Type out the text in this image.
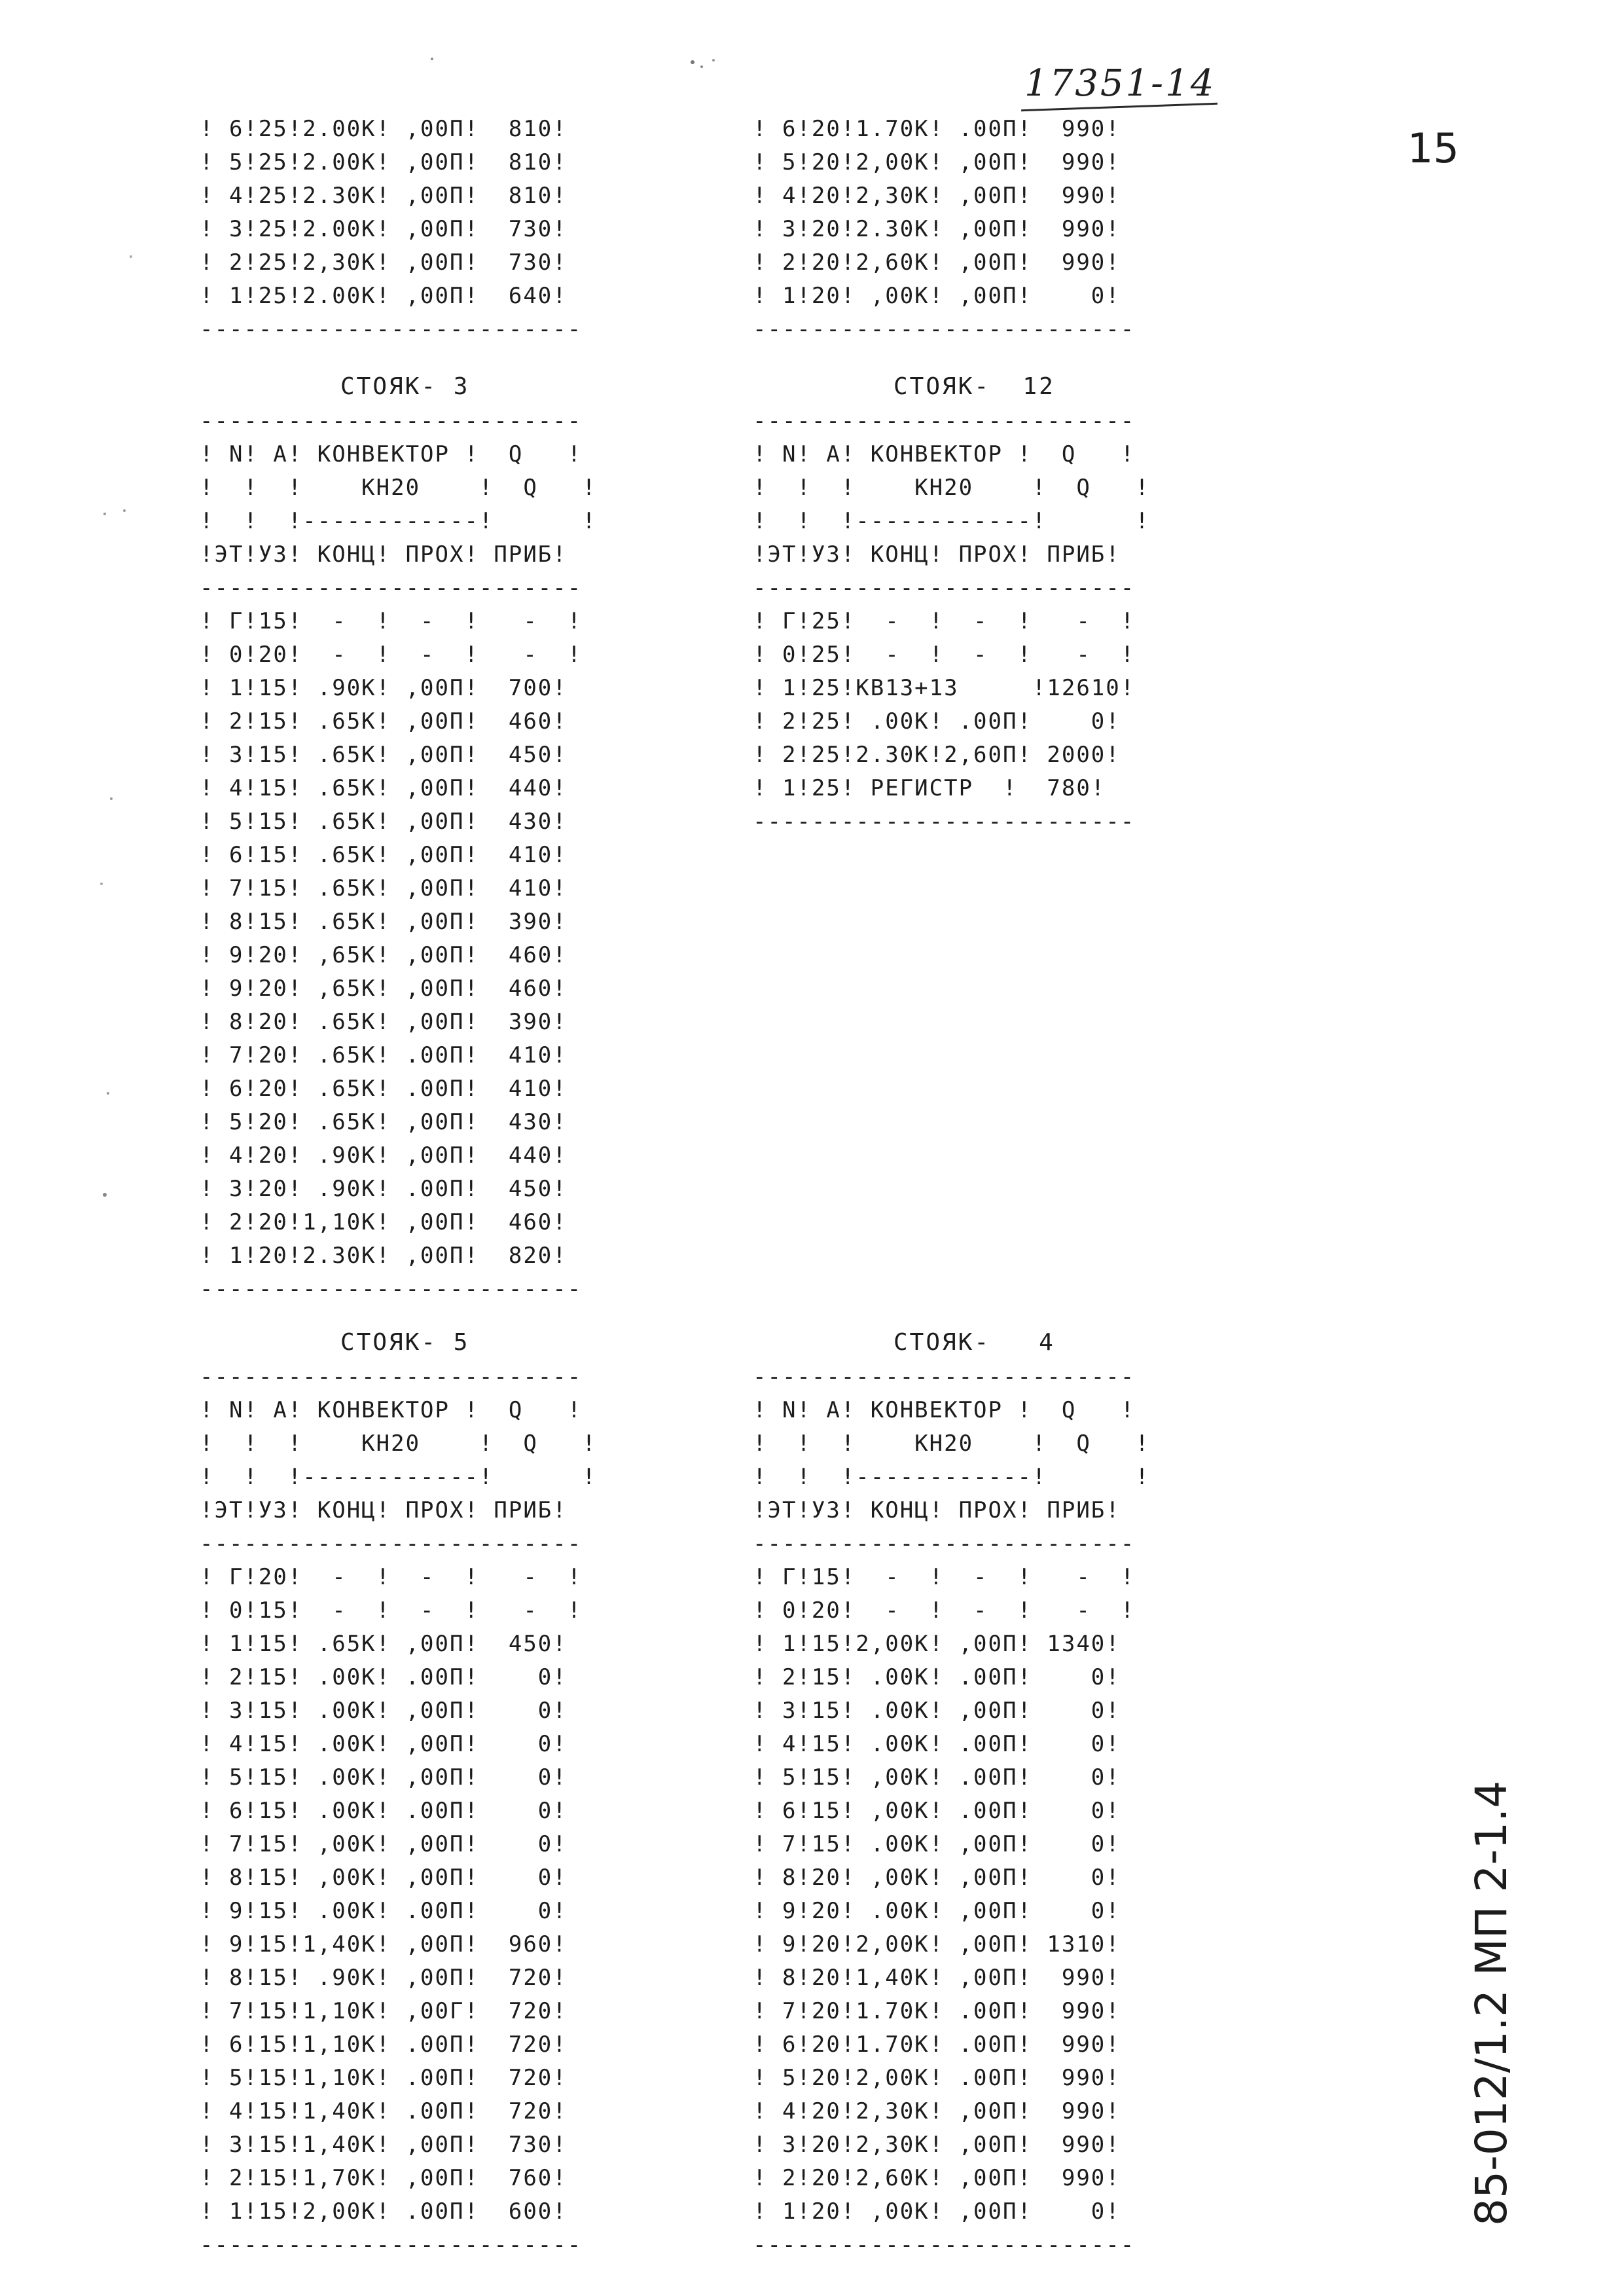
17351-14
15
85-012/1.2 МП 2-1.4
! 6!25!2.00K! ,00П!  810!
! 5!25!2.00K! ,00П!  810!
! 4!25!2.30K! ,00П!  810!
! 3!25!2.00K! ,00П!  730!
! 2!25!2,30K! ,00П!  730!
! 1!25!2.00K! ,00П!  640!
--------------------------
! 6!20!1.70K! .00П!  990!
! 5!20!2,00K! ,00П!  990!
! 4!20!2,30K! ,00П!  990!
! 3!20!2.30K! ,00П!  990!
! 2!20!2,60K! ,00П!  990!
! 1!20! ,00K! ,00П!    0!
--------------------------
СТОЯК- 3
--------------------------
! N! А! КОНВЕКТОР !  Q   !
!  !  !    КН20    !  Q   !
!  !  !------------!      !
!ЭТ!УЗ! КОНЦ! ПРОХ! ПРИБ!
--------------------------
! Г!15!  -  !  -  !   -  !
! 0!20!  -  !  -  !   -  !
! 1!15! .90K! ,00П!  700!
! 2!15! .65K! ,00П!  460!
! 3!15! .65K! ,00П!  450!
! 4!15! .65K! ,00П!  440!
! 5!15! .65K! ,00П!  430!
! 6!15! .65K! ,00П!  410!
! 7!15! .65K! ,00П!  410!
! 8!15! .65K! ,00П!  390!
! 9!20! ,65K! ,00П!  460!
! 9!20! ,65K! ,00П!  460!
! 8!20! .65K! ,00П!  390!
! 7!20! .65K! .00П!  410!
! 6!20! .65K! .00П!  410!
! 5!20! .65K! ,00П!  430!
! 4!20! .90K! ,00П!  440!
! 3!20! .90K! .00П!  450!
! 2!20!1,10K! ,00П!  460!
! 1!20!2.30K! ,00П!  820!
--------------------------
СТОЯК-  12
--------------------------
! N! А! КОНВЕКТОР !  Q   !
!  !  !    КН20    !  Q   !
!  !  !------------!      !
!ЭТ!УЗ! КОНЦ! ПРОХ! ПРИБ!
--------------------------
! Г!25!  -  !  -  !   -  !
! 0!25!  -  !  -  !   -  !
! 1!25!КВ13+13     !12610!
! 2!25! .00K! .00П!    0!
! 2!25!2.30K!2,60П! 2000!
! 1!25! РЕГИСТР  !  780!
--------------------------
СТОЯК- 5
--------------------------
! N! А! КОНВЕКТОР !  Q   !
!  !  !    КН20    !  Q   !
!  !  !------------!      !
!ЭТ!УЗ! КОНЦ! ПРОХ! ПРИБ!
--------------------------
! Г!20!  -  !  -  !   -  !
! 0!15!  -  !  -  !   -  !
! 1!15! .65K! ,00П!  450!
! 2!15! .00K! .00П!    0!
! 3!15! .00K! ,00П!    0!
! 4!15! .00K! ,00П!    0!
! 5!15! .00K! ,00П!    0!
! 6!15! .00K! .00П!    0!
! 7!15! ,00K! ,00П!    0!
! 8!15! ,00K! ,00П!    0!
! 9!15! .00K! .00П!    0!
! 9!15!1,40K! ,00П!  960!
! 8!15! .90K! ,00П!  720!
! 7!15!1,10K! ,00Г!  720!
! 6!15!1,10K! .00П!  720!
! 5!15!1,10K! .00П!  720!
! 4!15!1,40K! .00П!  720!
! 3!15!1,40K! ,00П!  730!
! 2!15!1,70K! ,00П!  760!
! 1!15!2,00K! .00П!  600!
--------------------------
СТОЯК-   4
--------------------------
! N! А! КОНВЕКТОР !  Q   !
!  !  !    КН20    !  Q   !
!  !  !------------!      !
!ЭТ!УЗ! КОНЦ! ПРОХ! ПРИБ!
--------------------------
! Г!15!  -  !  -  !   -  !
! 0!20!  -  !  -  !   -  !
! 1!15!2,00K! ,00П! 1340!
! 2!15! .00K! .00П!    0!
! 3!15! .00K! ,00П!    0!
! 4!15! .00K! .00П!    0!
! 5!15! ,00K! .00П!    0!
! 6!15! ,00K! .00П!    0!
! 7!15! .00K! ,00П!    0!
! 8!20! ,00K! ,00П!    0!
! 9!20! .00K! ,00П!    0!
! 9!20!2,00K! ,00П! 1310!
! 8!20!1,40K! ,00П!  990!
! 7!20!1.70K! .00П!  990!
! 6!20!1.70K! .00П!  990!
! 5!20!2,00K! .00П!  990!
! 4!20!2,30K! ,00П!  990!
! 3!20!2,30K! ,00П!  990!
! 2!20!2,60K! ,00П!  990!
! 1!20! ,00K! ,00П!    0!
--------------------------
